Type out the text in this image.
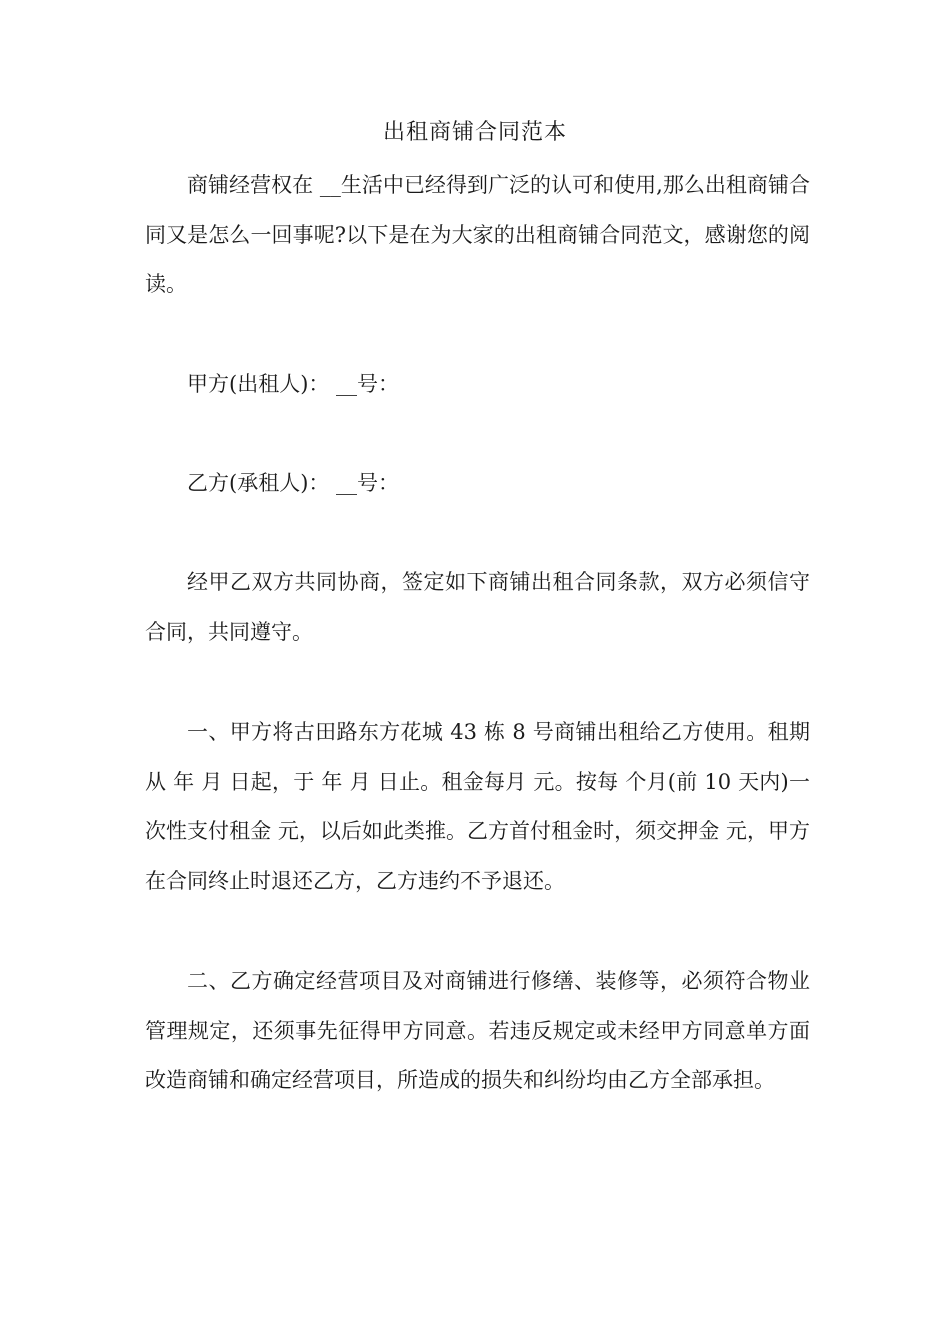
出租商铺合同范本

商铺经营权在 __生活中已经得到广泛的认可和使用,那么出租商铺合同又是怎么一回事呢?以下是在为大家的出租商铺合同范文，感谢您的阅读。

甲方(出租人)： __号：

乙方(承租人)： __号：

经甲乙双方共同协商，签定如下商铺出租合同条款，双方必须信守合同，共同遵守。

一、甲方将古田路东方花城 43 栋 8 号商铺出租给乙方使用。租期从 年 月 日起，于 年 月 日止。租金每月 元。按每 个月(前 10 天内)一次性支付租金 元，以后如此类推。乙方首付租金时，须交押金 元，甲方在合同终止时退还乙方，乙方违约不予退还。

二、乙方确定经营项目及对商铺进行修缮、装修等，必须符合物业管理规定，还须事先征得甲方同意。若违反规定或未经甲方同意单方面改造商铺和确定经营项目，所造成的损失和纠纷均由乙方全部承担。
